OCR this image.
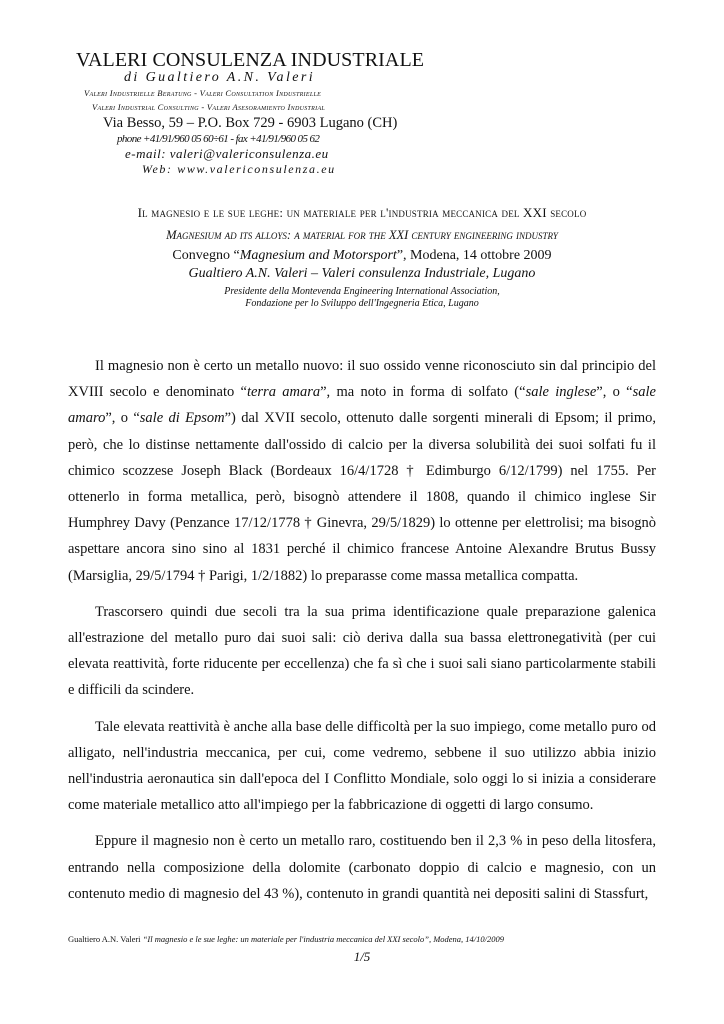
VALERI CONSULENZA INDUSTRIALE
di Gualtiero A.N. Valeri
Valeri Industrielle Beratung - Valeri Consultation Industrielle
Valeri Industrial Consulting - Valeri Asesoramiento Industrial
Via Besso, 59 – P.O. Box 729 - 6903 Lugano (CH)
phone +41/91/960 05 60÷61 - fax +41/91/960 05 62
e-mail: valeri@valericonsulenza.eu
Web: www.valericonsulenza.eu
Il magnesio e le sue leghe: un materiale per l'industria meccanica del XXI secolo
Magnesium ad its alloys: a material for the XXI century engineering industry
Convegno “Magnesium and Motorsport”, Modena, 14 ottobre 2009
Gualtiero A.N. Valeri – Valeri consulenza Industriale, Lugano
Presidente della Montevenda Engineering International Association,
Fondazione per lo Sviluppo dell'Ingegneria Etica, Lugano

Il magnesio non è certo un metallo nuovo: il suo ossido venne riconosciuto sin dal principio del XVIII secolo e denominato “terra amara”, ma noto in forma di solfato (“sale inglese”, o “sale amaro”, o “sale di Epsom”) dal XVII secolo, ottenuto dalle sorgenti minerali di Epsom; il primo, però, che lo distinse nettamente dall'ossido di calcio per la diversa solubilità dei suoi solfati fu il chimico scozzese Joseph Black (Bordeaux 16/4/1728 † Edimburgo 6/12/1799) nel 1755. Per ottenerlo in forma metallica, però, bisognò attendere il 1808, quando il chimico inglese Sir Humphrey Davy (Penzance 17/12/1778 † Ginevra, 29/5/1829) lo ottenne per elettrolisi; ma bisognò aspettare ancora sino sino al 1831 perché il chimico francese Antoine Alexandre Brutus Bussy (Marsiglia, 29/5/1794 † Parigi, 1/2/1882) lo preparasse come massa metallica compatta.

Trascorsero quindi due secoli tra la sua prima identificazione quale preparazione galenica all'estrazione del metallo puro dai suoi sali: ciò deriva dalla sua bassa elettronegatività (per cui elevata reattività, forte riducente per eccellenza) che fa sì che i suoi sali siano particolarmente stabili e difficili da scindere.

Tale elevata reattività è anche alla base delle difficoltà per la suo impiego, come metallo puro od alligato, nell'industria meccanica, per cui, come vedremo, sebbene il suo utilizzo abbia inizio nell'industria aeronautica sin dall'epoca del I Conflitto Mondiale, solo oggi lo si inizia a considerare come materiale metallico atto all'impiego per la fabbricazione di oggetti di largo consumo.

Eppure il magnesio non è certo un metallo raro, costituendo ben il 2,3 % in peso della litosfera, entrando nella composizione della dolomite (carbonato doppio di calcio e magnesio, con un contenuto medio di magnesio del 43 %), contenuto in grandi quantità nei depositi salini di Stassfurt,

Gualtiero A.N. Valeri “Il magnesio e le sue leghe: un materiale per l'industria meccanica del XXI secolo”, Modena, 14/10/2009
1/5
